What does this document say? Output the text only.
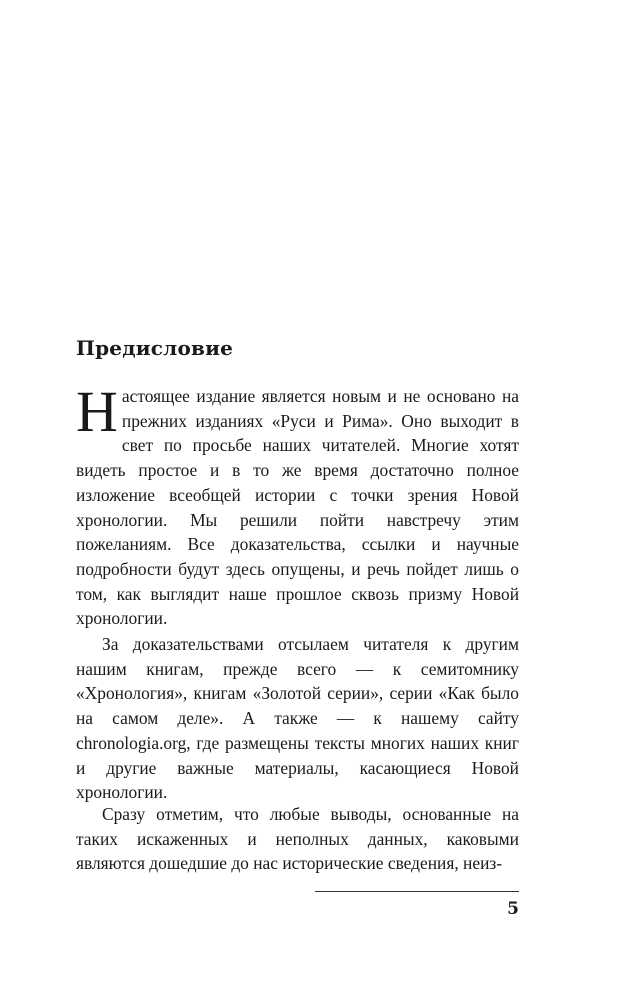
Предисловие

Настоящее издание является новым и не основано на прежних изданиях «Руси и Рима». Оно выходит в свет по просьбе наших читателей. Многие хотят видеть простое и в то же время достаточно полное изложение всеобщей истории с точки зрения Новой хронологии. Мы решили пойти навстречу этим пожеланиям. Все доказательства, ссылки и научные подробности будут здесь опущены, и речь пойдет лишь о том, как выглядит наше прошлое сквозь призму Новой хронологии.

За доказательствами отсылаем читателя к другим нашим книгам, прежде всего — к семитомнику «Хронология», книгам «Золотой серии», серии «Как было на самом деле». А также — к нашему сайту chronologia.org, где размещены тексты многих наших книг и другие важные материалы, касающиеся Новой хронологии.

Сразу отметим, что любые выводы, основанные на таких искаженных и неполных данных, каковыми являются дошедшие до нас исторические сведения, неиз-

5
